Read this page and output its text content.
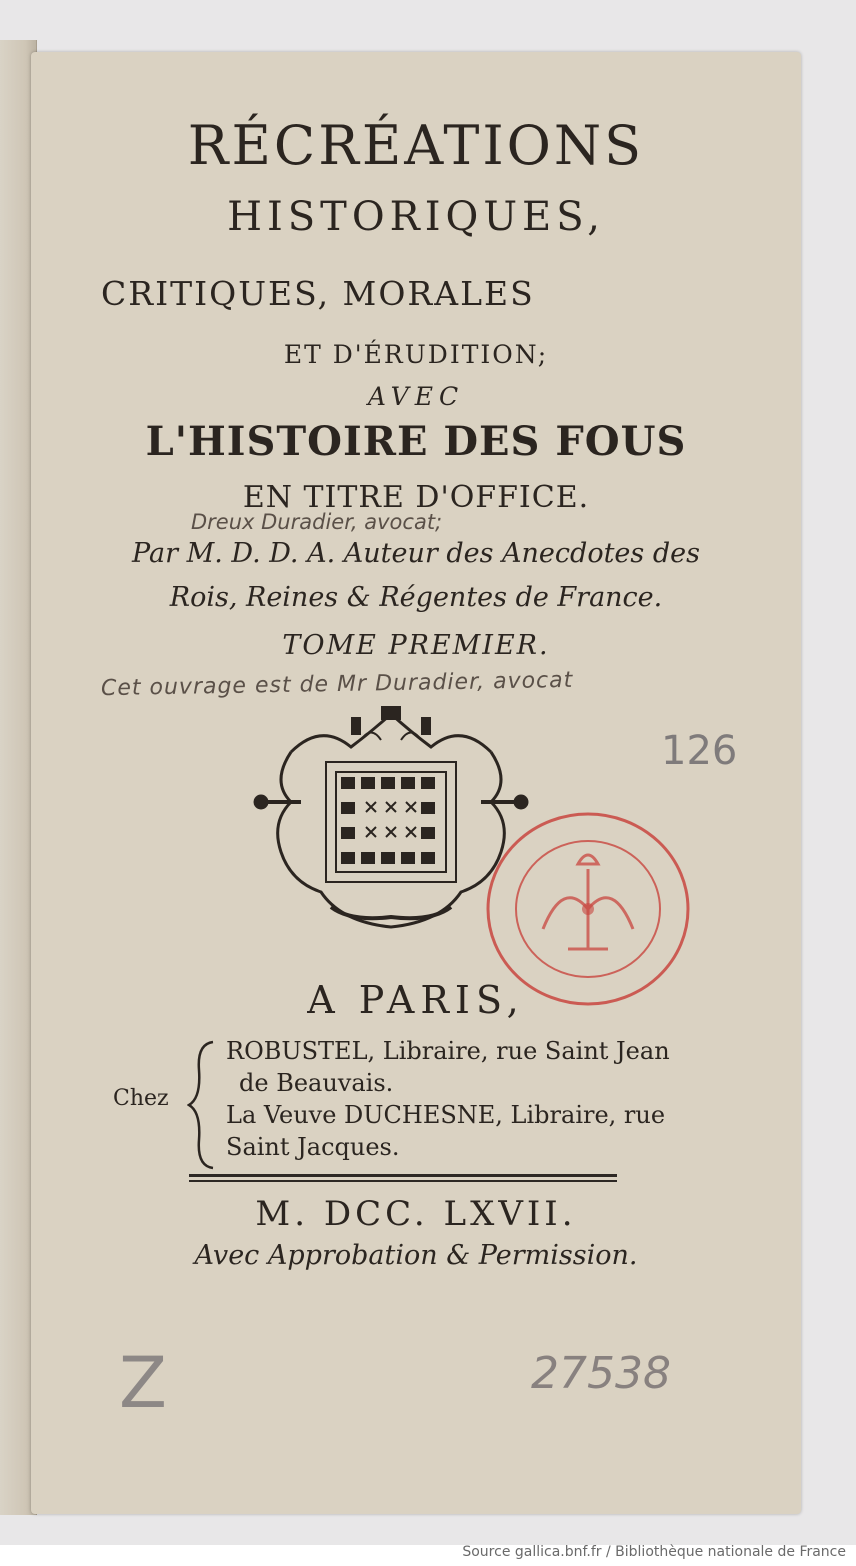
RÉCRÉATIONS
HISTORIQUES,
CRITIQUES, MORALES
ET D'ÉRUDITION;
AVEC
L'HISTOIRE DES FOUS
EN TITRE D'OFFICE.
Dreux Duradier, avocat;
Par M. D. D. A. Auteur des Anecdotes des
Rois, Reines & Régentes de France.
TOME PREMIER.
Cet ouvrage est de Mr Duradier, avocat
126
A PARIS,
Chez
ROBUSTEL, Libraire, rue Saint Jean
de Beauvais.
La Veuve DUCHESNE, Libraire, rue
Saint Jacques.
M. DCC. LXVII.
Avec Approbation & Permission.
Z	27538
Source gallica.bnf.fr / Bibliothèque nationale de France
